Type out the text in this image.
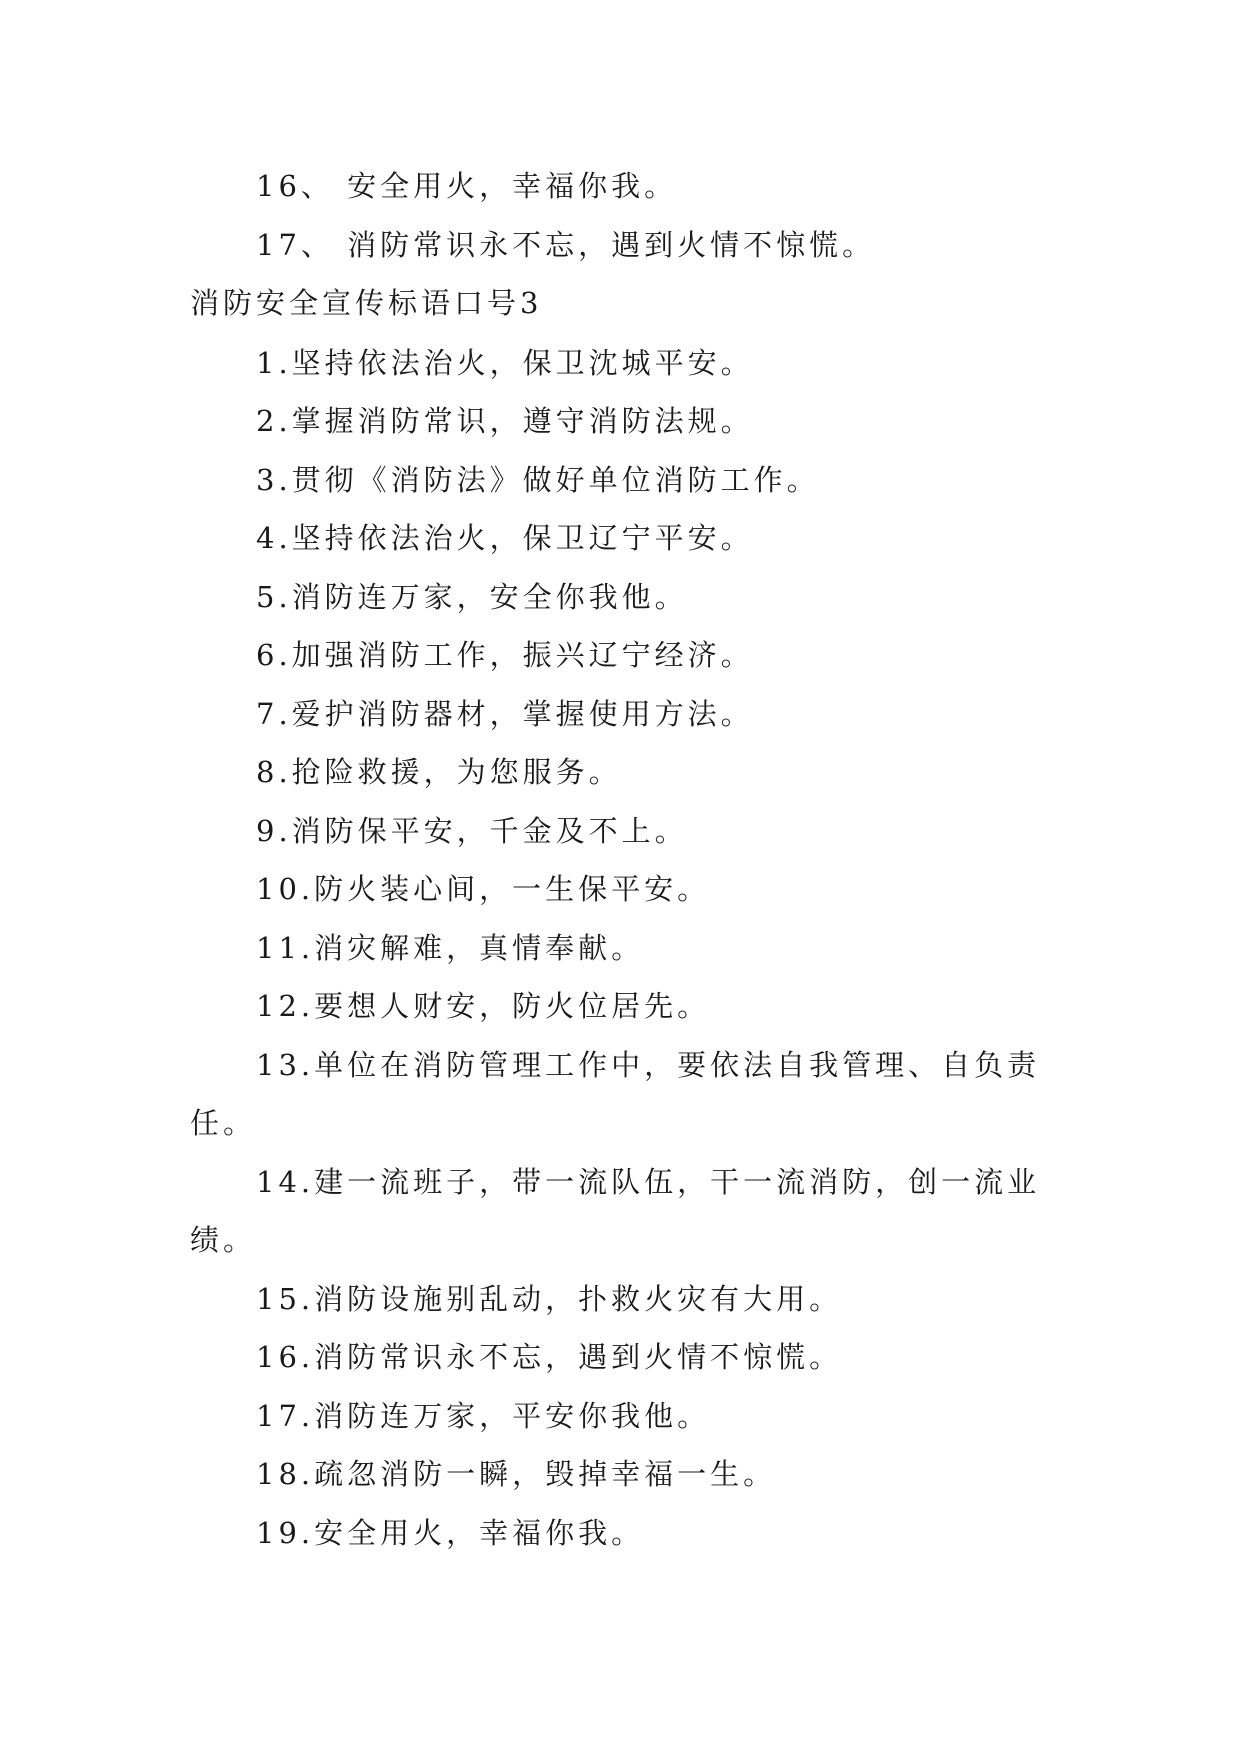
16、 安全用火，幸福你我。
17、 消防常识永不忘，遇到火情不惊慌。
消防安全宣传标语口号3
1.坚持依法治火，保卫沈城平安。
2.掌握消防常识，遵守消防法规。
3.贯彻《消防法》做好单位消防工作。
4.坚持依法治火，保卫辽宁平安。
5.消防连万家，安全你我他。
6.加强消防工作，振兴辽宁经济。
7.爱护消防器材，掌握使用方法。
8.抢险救援，为您服务。
9.消防保平安，千金及不上。
10.防火装心间，一生保平安。
11.消灾解难，真情奉献。
12.要想人财安，防火位居先。
13.单位在消防管理工作中，要依法自我管理、自负责
任。
14.建一流班子，带一流队伍，干一流消防，创一流业
绩。
15.消防设施别乱动，扑救火灾有大用。
16.消防常识永不忘，遇到火情不惊慌。
17.消防连万家，平安你我他。
18.疏忽消防一瞬，毁掉幸福一生。
19.安全用火，幸福你我。
